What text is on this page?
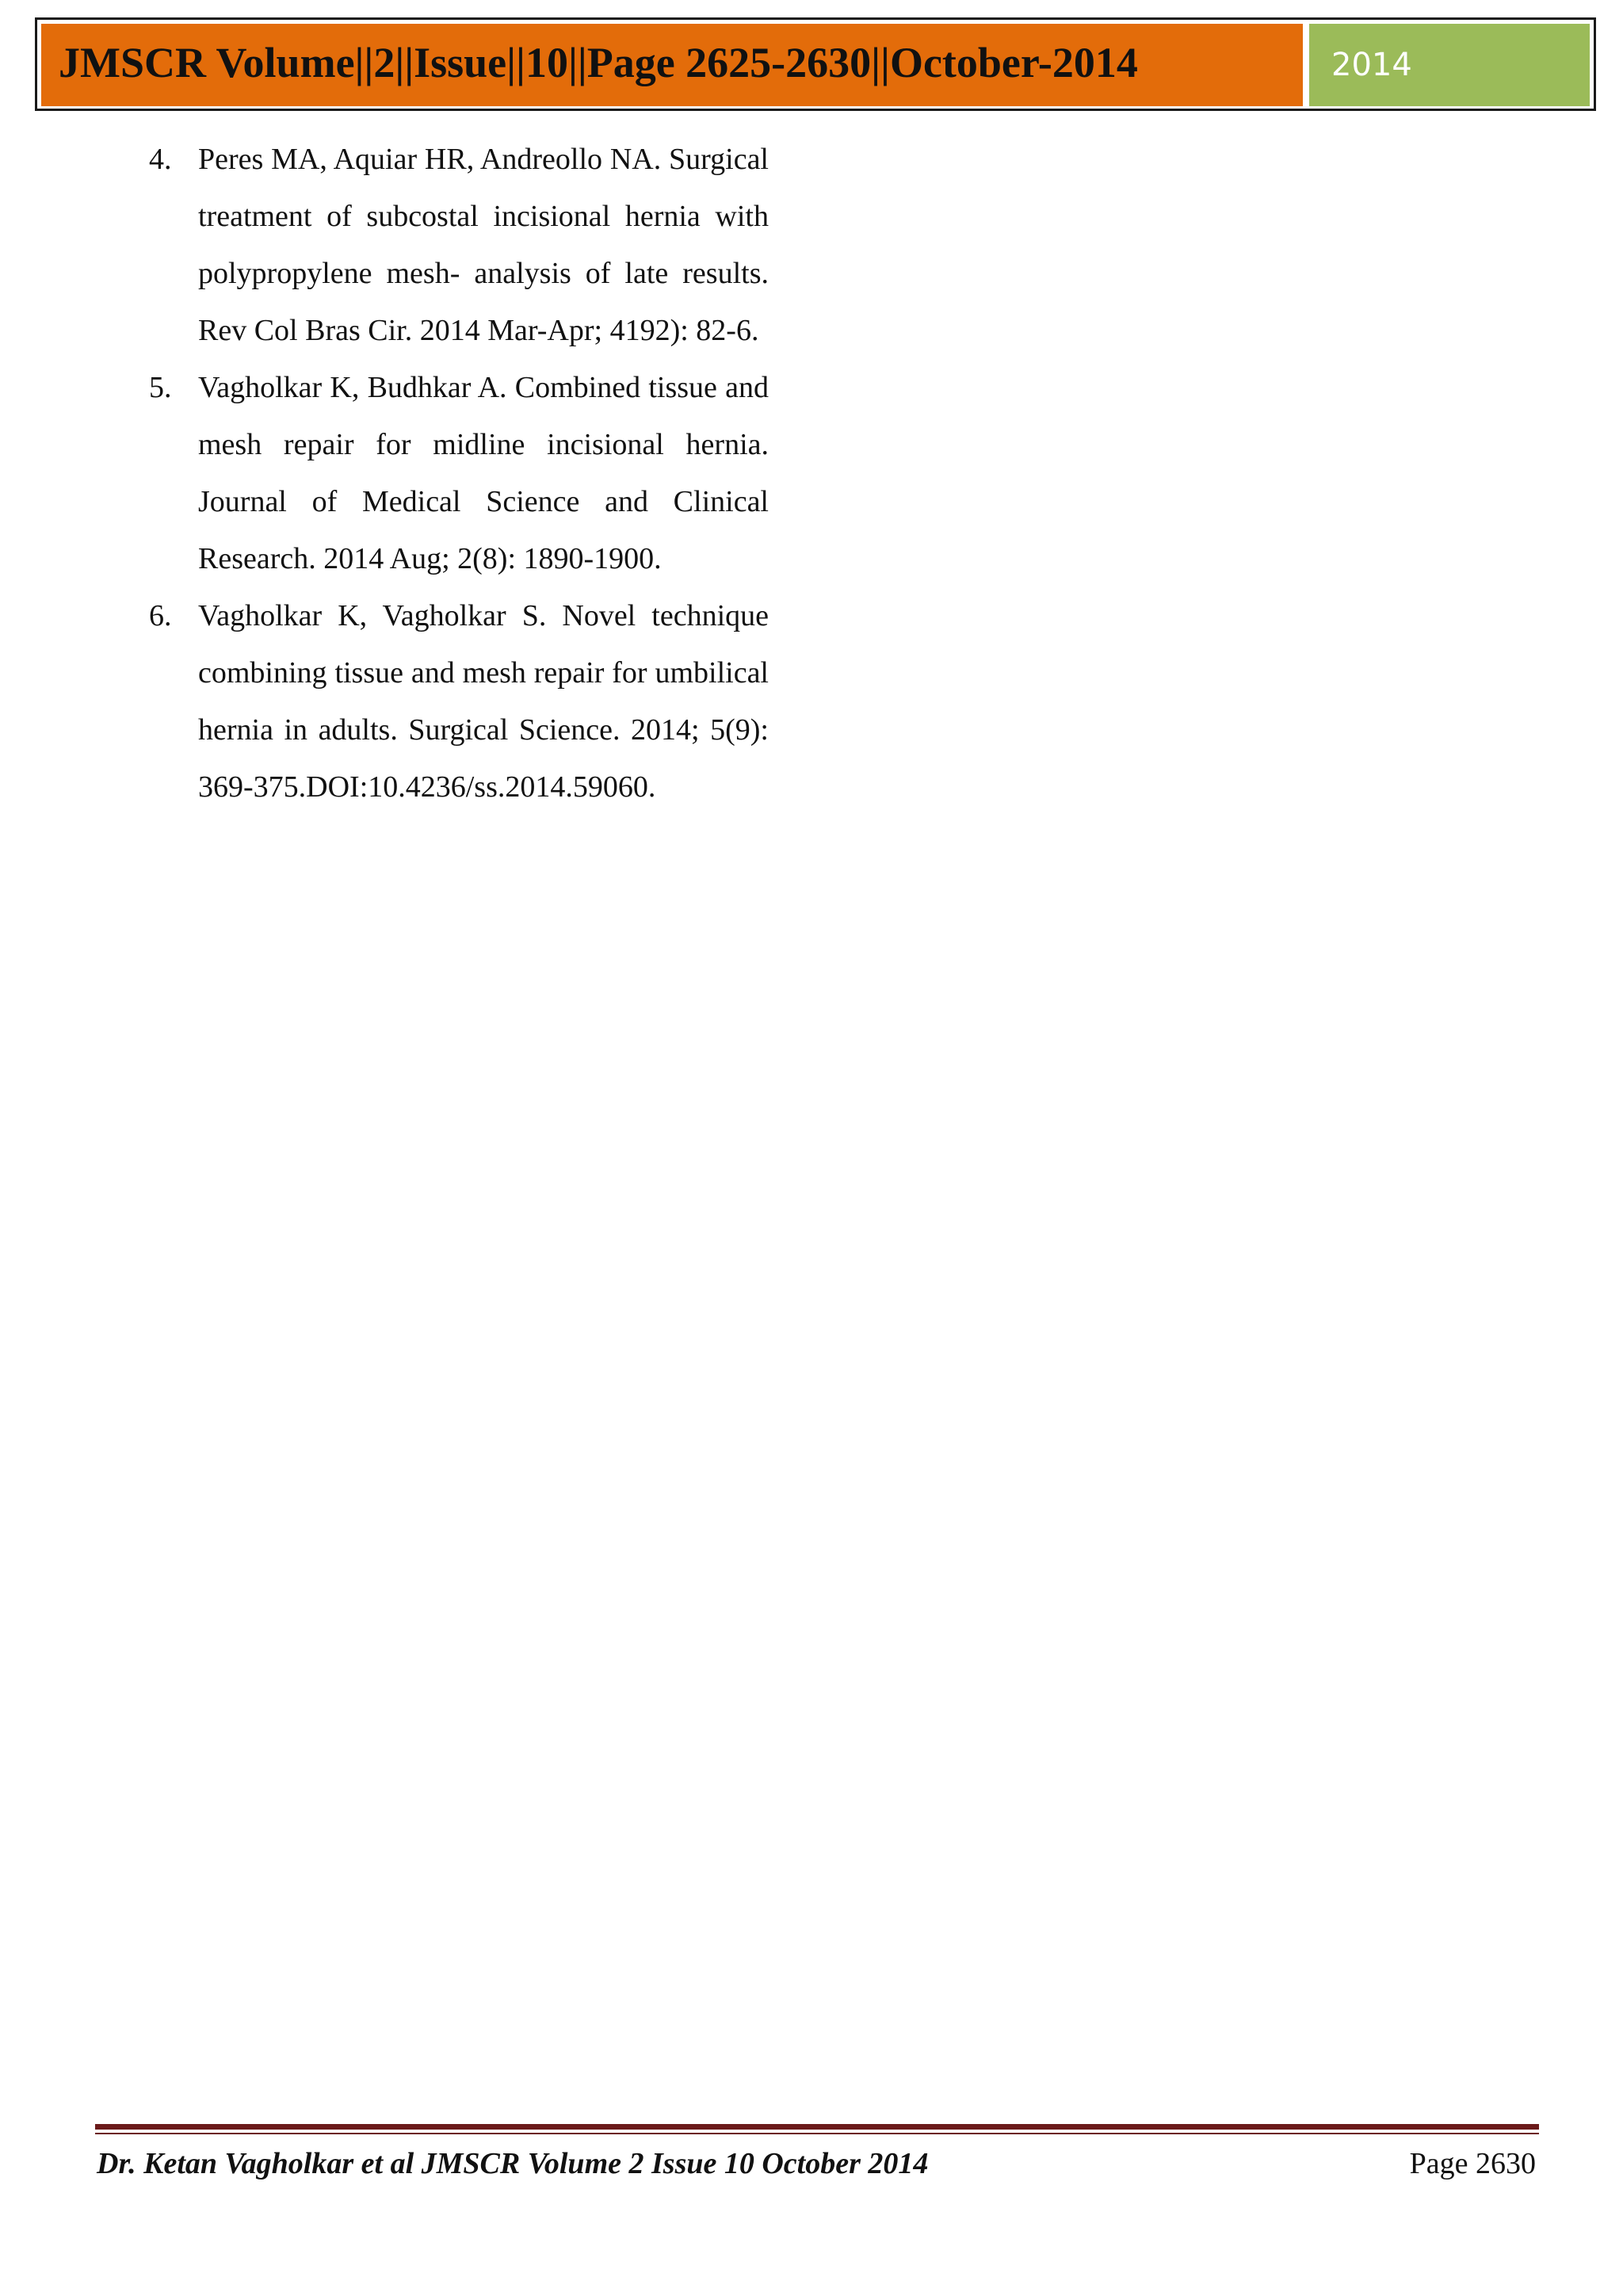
JMSCR Volume||2||Issue||10||Page 2625-2630||October-2014	2014
4. Peres MA, Aquiar HR, Andreollo NA. Surgical treatment of subcostal incisional hernia with polypropylene mesh- analysis of late results. Rev Col Bras Cir. 2014 Mar-Apr; 4192): 82-6.
5. Vagholkar K, Budhkar A. Combined tissue and mesh repair for midline incisional hernia. Journal of Medical Science and Clinical Research. 2014 Aug; 2(8): 1890-1900.
6. Vagholkar K, Vagholkar S. Novel technique combining tissue and mesh repair for umbilical hernia in adults. Surgical Science. 2014; 5(9): 369-375.DOI:10.4236/ss.2014.59060.
Dr. Ketan Vagholkar et al JMSCR Volume 2 Issue 10 October 2014	Page 2630
